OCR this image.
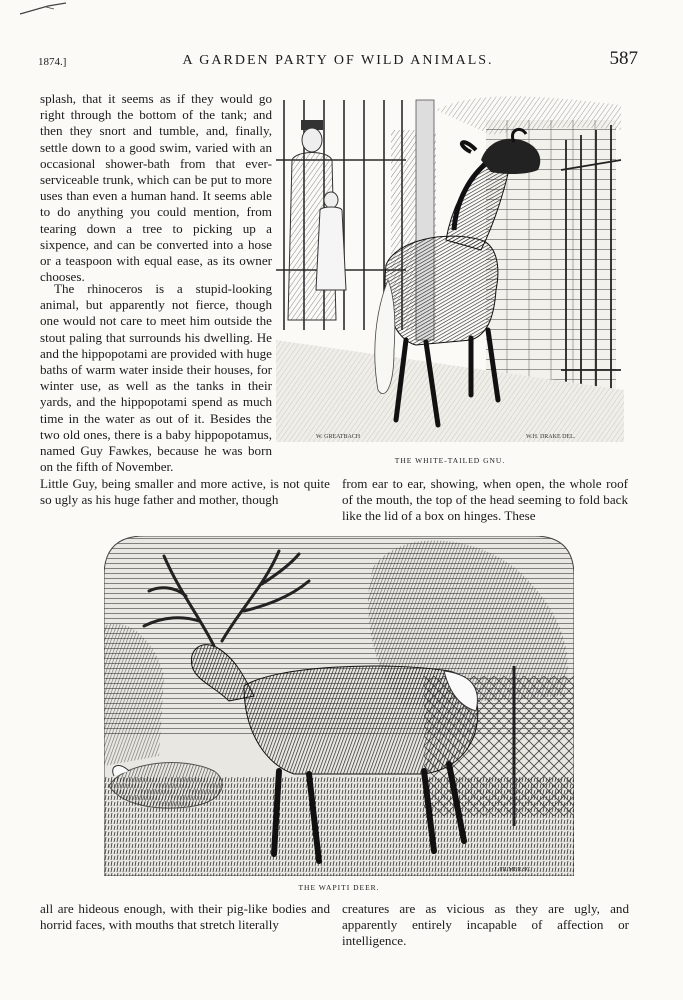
1874.]	A GARDEN PARTY OF WILD ANIMALS.	587

splash, that it seems as if they would go right through the bottom of the tank; and then they snort and tumble, and, finally, settle down to a good swim, varied with an occasional shower-bath from that ever-serviceable trunk, which can be put to more uses than even a human hand. It seems able to do anything you could mention, from tearing down a tree to picking up a sixpence, and can be converted into a hose or a teaspoon with equal ease, as its owner chooses.

The rhinoceros is a stupid-looking animal, but apparently not fierce, though one would not care to meet him outside the stout paling that surrounds his dwelling. He and the hippopotami are provided with huge baths of warm water inside their houses, for winter use, as well as the tanks in their yards, and the hippopotami spend as much time in the water as out of it. Besides the two old ones, there is a baby hippopotamus, named Guy Fawkes, because he was born on the fifth of November.

Little Guy, being smaller and more active, is not quite so ugly as his huge father and mother, though

from ear to ear, showing, when open, the whole roof of the mouth, the top of the head seeming to fold back like the lid of a box on hinges. These

all are hideous enough, with their pig-like bodies and horrid faces, with mouths that stretch literally

creatures are as vicious as they are ugly, and apparently entirely incapable of affection or intelligence.

W. GREATBACH	W.H. DRAKE DEL.

THE WHITE-TAILED GNU.

J. FILMER SC.

THE WAPITI DEER.
